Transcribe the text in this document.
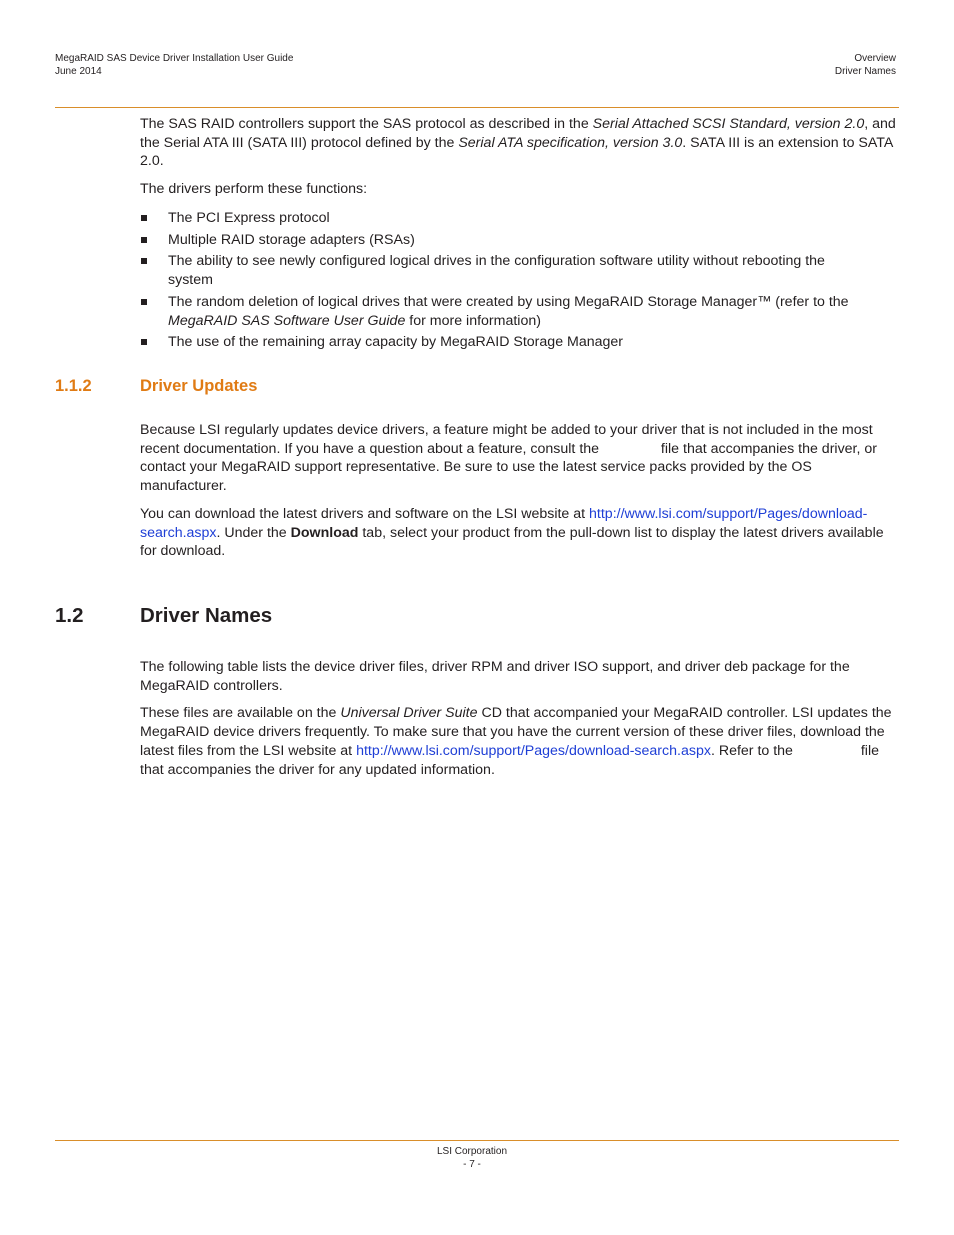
MegaRAID SAS Device Driver Installation User Guide
June 2014
Overview
Driver Names

The SAS RAID controllers support the SAS protocol as described in the Serial Attached SCSI Standard, version 2.0, and the Serial ATA III (SATA III) protocol defined by the Serial ATA specification, version 3.0. SATA III is an extension to SATA 2.0.

The drivers perform these functions:

The PCI Express protocol
Multiple RAID storage adapters (RSAs)
The ability to see newly configured logical drives in the configuration software utility without rebooting the system
The random deletion of logical drives that were created by using MegaRAID Storage Manager™ (refer to the MegaRAID SAS Software User Guide for more information)
The use of the remaining array capacity by MegaRAID Storage Manager
1.1.2	Driver Updates

Because LSI regularly updates device drivers, a feature might be added to your driver that is not included in the most recent documentation. If you have a question about a feature, consult the	file that accompanies the driver, or contact your MegaRAID support representative. Be sure to use the latest service packs provided by the OS manufacturer.

You can download the latest drivers and software on the LSI website at http://www.lsi.com/support/Pages/download-search.aspx. Under the Download tab, select your product from the pull-down list to display the latest drivers available for download.

1.2	Driver Names

The following table lists the device driver files, driver RPM and driver ISO support, and driver deb package for the MegaRAID controllers.

These files are available on the Universal Driver Suite CD that accompanied your MegaRAID controller. LSI updates the MegaRAID device drivers frequently. To make sure that you have the current version of these driver files, download the latest files from the LSI website at http://www.lsi.com/support/Pages/download-search.aspx. Refer to the	file that accompanies the driver for any updated information.

LSI Corporation
- 7 -
